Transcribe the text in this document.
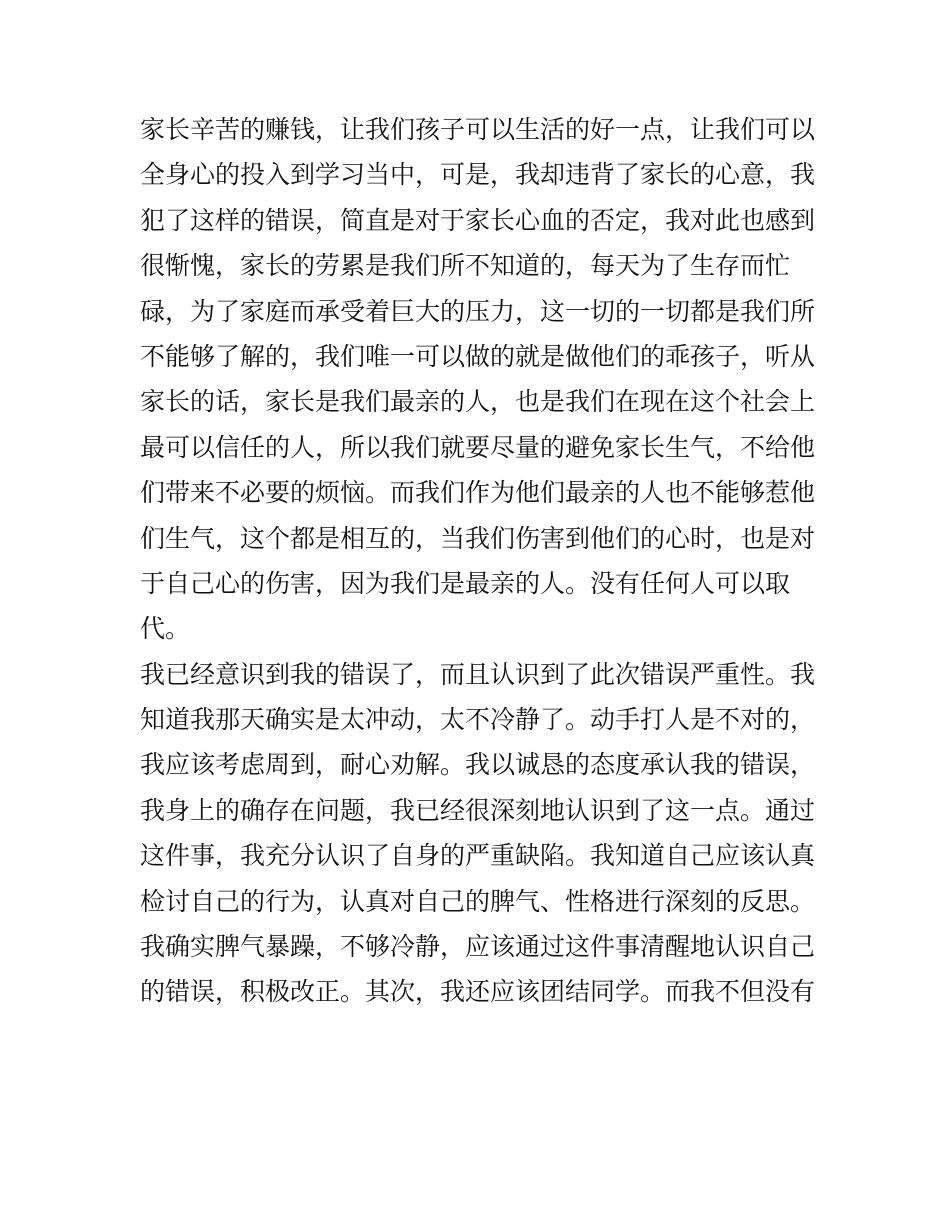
家长辛苦的赚钱，让我们孩子可以生活的好一点，让我们可以
全身心的投入到学习当中，可是，我却违背了家长的心意，我
犯了这样的错误，简直是对于家长心血的否定，我对此也感到
很惭愧，家长的劳累是我们所不知道的，每天为了生存而忙
碌，为了家庭而承受着巨大的压力，这一切的一切都是我们所
不能够了解的，我们唯一可以做的就是做他们的乖孩子，听从
家长的话，家长是我们最亲的人，也是我们在现在这个社会上
最可以信任的人，所以我们就要尽量的避免家长生气，不给他
们带来不必要的烦恼。而我们作为他们最亲的人也不能够惹他
们生气，这个都是相互的，当我们伤害到他们的心时，也是对
于自己心的伤害，因为我们是最亲的人。没有任何人可以取
代。
我已经意识到我的错误了，而且认识到了此次错误严重性。我
知道我那天确实是太冲动，太不冷静了。动手打人是不对的，
我应该考虑周到，耐心劝解。我以诚恳的态度承认我的错误，
我身上的确存在问题，我已经很深刻地认识到了这一点。通过
这件事，我充分认识了自身的严重缺陷。我知道自己应该认真
检讨自己的行为，认真对自己的脾气、性格进行深刻的反思。
我确实脾气暴躁，不够冷静，应该通过这件事清醒地认识自己
的错误，积极改正。其次，我还应该团结同学。而我不但没有
